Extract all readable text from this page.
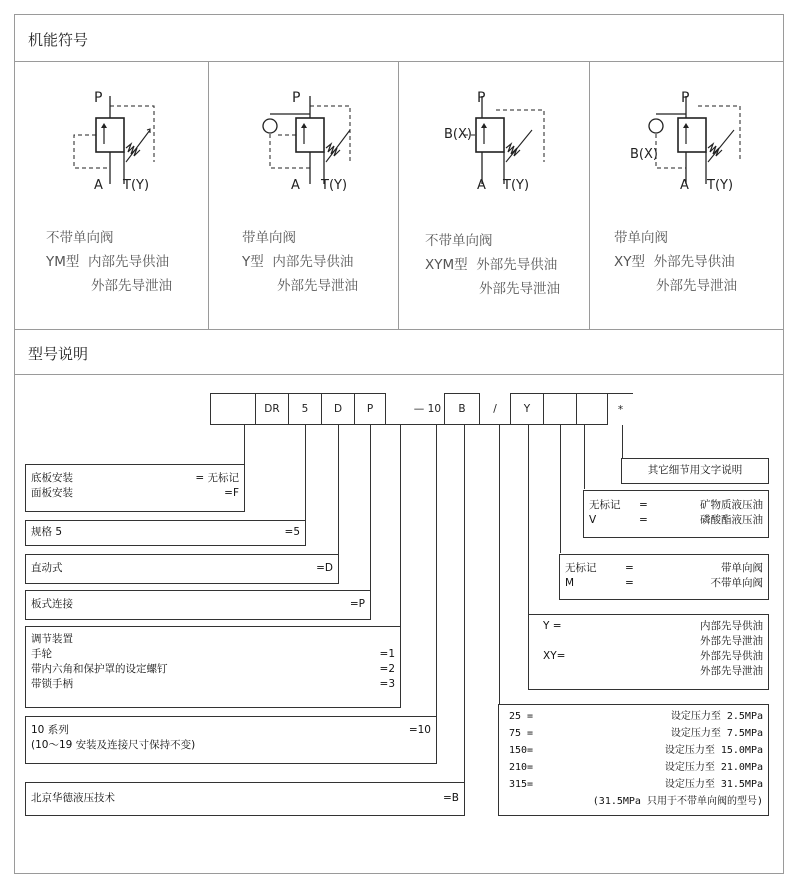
机能符号
P
A T(Y)
不带单向阀
YM型  内部先导供油
外部先导泄油
P
A T(Y)
带单向阀
Y型  内部先导供油
外部先导泄油
P
B(X)
A T(Y)
不带单向阀
XYM型  外部先导供油
外部先导泄油
P
B(X)
A T(Y)
带单向阀
XY型  外部先导供油
外部先导泄油
型号说明
DR	5	D	P	— 10	B	/	Y	*
底板安装	= 无标记
面板安装	=F
规格 5	=5
直动式	=D
板式连接	=P
调节装置
手轮	=1
带内六角和保护罩的设定螺钉	=2
带锁手柄	=3
10 系列	=10
(10～19 安装及连接尺寸保持不变)
北京华德液压技术	=B
其它细节用文字说明
无标记 =	矿物质液压油
V	=	磷酸酯液压油
无标记	=	带单向阀
M	=	不带单向阀
Y =	内部先导供油
外部先导泄油
XY=	外部先导供油
外部先导泄油
25 =	设定压力至 2.5MPa
75 =	设定压力至 7.5MPa
150=	设定压力至 15.0MPa
210=	设定压力至 21.0MPa
315=	设定压力至 31.5MPa
(31.5MPa 只用于不带单向阀的型号)
